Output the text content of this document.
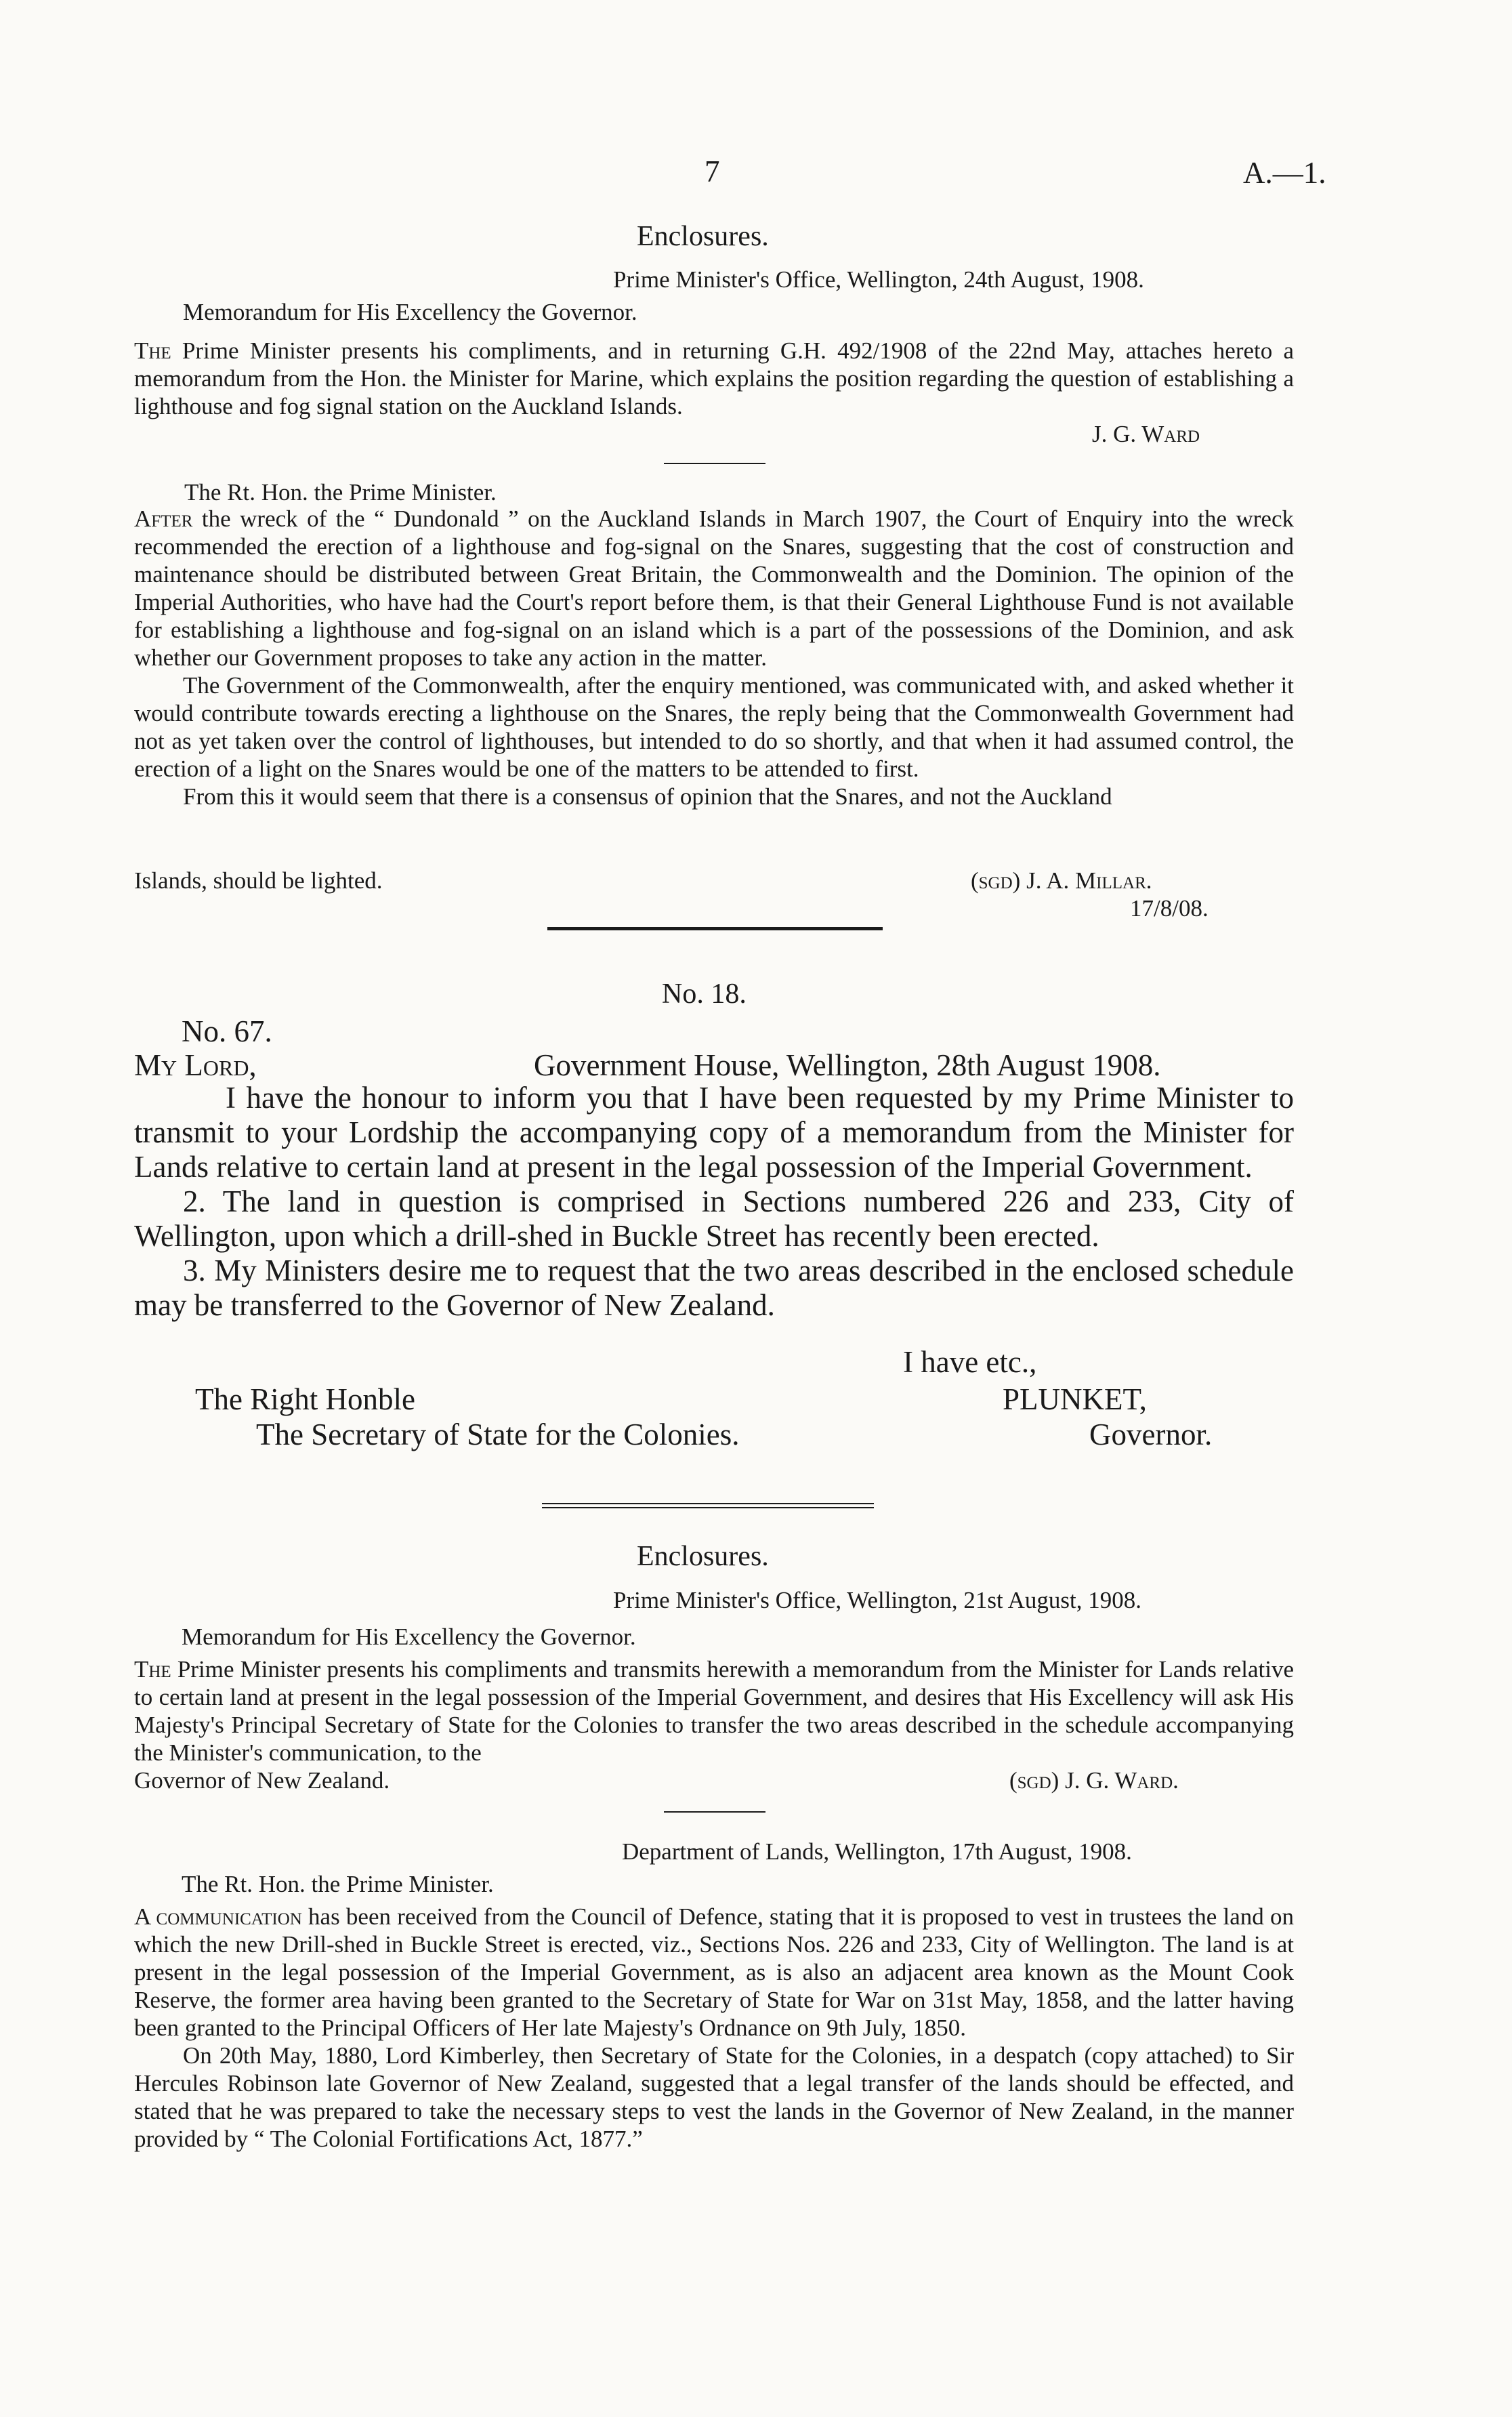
7	A.—1.
Enclosures.
Prime Minister's Office, Wellington, 24th August, 1908.
Memorandum for His Excellency the Governor.
The Prime Minister presents his compliments, and in returning G.H. 492/1908 of the 22nd May, attaches hereto a memorandum from the Hon. the Minister for Marine, which explains the position regarding the question of establishing a lighthouse and fog signal station on the Auckland Islands.
J. G. Ward
The Rt. Hon. the Prime Minister.

After the wreck of the “ Dundonald ” on the Auckland Islands in March 1907, the Court of Enquiry into the wreck recommended the erection of a lighthouse and fog-signal on the Snares, suggesting that the cost of construction and maintenance should be distributed between Great Britain, the Commonwealth and the Dominion. The opinion of the Imperial Authorities, who have had the Court's report before them, is that their General Lighthouse Fund is not available for establishing a lighthouse and fog-signal on an island which is a part of the possessions of the Dominion, and ask whether our Government proposes to take any action in the matter.

The Government of the Commonwealth, after the enquiry mentioned, was communicated with, and asked whether it would contribute towards erecting a lighthouse on the Snares, the reply being that the Commonwealth Government had not as yet taken over the control of lighthouses, but intended to do so shortly, and that when it had assumed control, the erection of a light on the Snares would be one of the matters to be attended to first.

From this it would seem that there is a consensus of opinion that the Snares, and not the Auckland

Islands, should be lighted.	(sgd) J. A. Millar.
17/8/08.
No. 18.
No. 67.
My Lord,	Government House, Wellington, 28th August 1908.

I have the honour to inform you that I have been requested by my Prime Minister to transmit to your Lordship the accompanying copy of a memorandum from the Minister for Lands relative to certain land at present in the legal possession of the Imperial Government.

2. The land in question is comprised in Sections numbered 226 and 233, City of Wellington, upon which a drill-shed in Buckle Street has recently been erected.

3. My Ministers desire me to request that the two areas described in the enclosed schedule may be transferred to the Governor of New Zealand.

I have etc.,
The Right Honble	PLUNKET,
The Secretary of State for the Colonies.	Governor.
Enclosures.
Prime Minister's Office, Wellington, 21st August, 1908.
Memorandum for His Excellency the Governor.
The Prime Minister presents his compliments and transmits herewith a memorandum from the Minister for Lands relative to certain land at present in the legal possession of the Imperial Government, and desires that His Excellency will ask His Majesty's Principal Secretary of State for the Colonies to transfer the two areas described in the schedule accompanying the Minister's communication, to the
Governor of New Zealand.	(sgd) J. G. Ward.
Department of Lands, Wellington, 17th August, 1908.
The Rt. Hon. the Prime Minister.

A communication has been received from the Council of Defence, stating that it is proposed to vest in trustees the land on which the new Drill-shed in Buckle Street is erected, viz., Sections Nos. 226 and 233, City of Wellington. The land is at present in the legal possession of the Imperial Government, as is also an adjacent area known as the Mount Cook Reserve, the former area having been granted to the Secretary of State for War on 31st May, 1858, and the latter having been granted to the Principal Officers of Her late Majesty's Ordnance on 9th July, 1850.

On 20th May, 1880, Lord Kimberley, then Secretary of State for the Colonies, in a despatch (copy attached) to Sir Hercules Robinson late Governor of New Zealand, suggested that a legal transfer of the lands should be effected, and stated that he was prepared to take the necessary steps to vest the lands in the Governor of New Zealand, in the manner provided by “ The Colonial Fortifications Act, 1877.”
